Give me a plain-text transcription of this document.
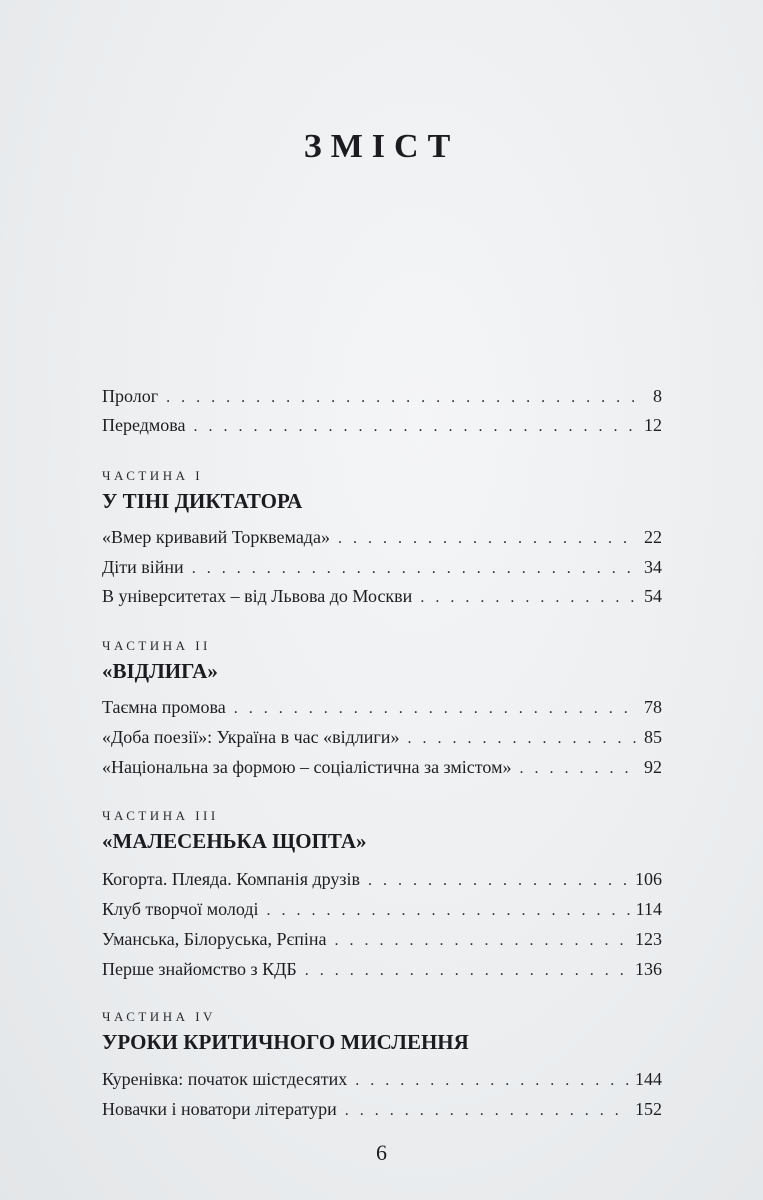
ЗМІСТ
Пролог . . .	8
Передмова . . .	12
ЧАСТИНА I
У ТІНІ ДИКТАТОРА
«Вмер кривавий Торквемада» . . .	22
Діти війни . . .	34
В університетах – від Львова до Москви . . .	54
ЧАСТИНА II
«ВІДЛИГА»
Таємна промова . . .	78
«Доба поезії»: Україна в час «відлиги» . . .	85
«Національна за формою – соціалістична за змістом» . . .	92
ЧАСТИНА III
«МАЛЕСЕНЬКА ЩОПТА»
Когорта. Плеяда. Компанія друзів . . .	106
Клуб творчої молоді . . .	114
Уманська, Білоруська, Рєпіна . . .	123
Перше знайомство з КДБ . . .	136
ЧАСТИНА IV
УРОКИ КРИТИЧНОГО МИСЛЕННЯ
Куренівка: початок шістдесятих . . .	144
Новачки і новатори літератури . . .	152
6
